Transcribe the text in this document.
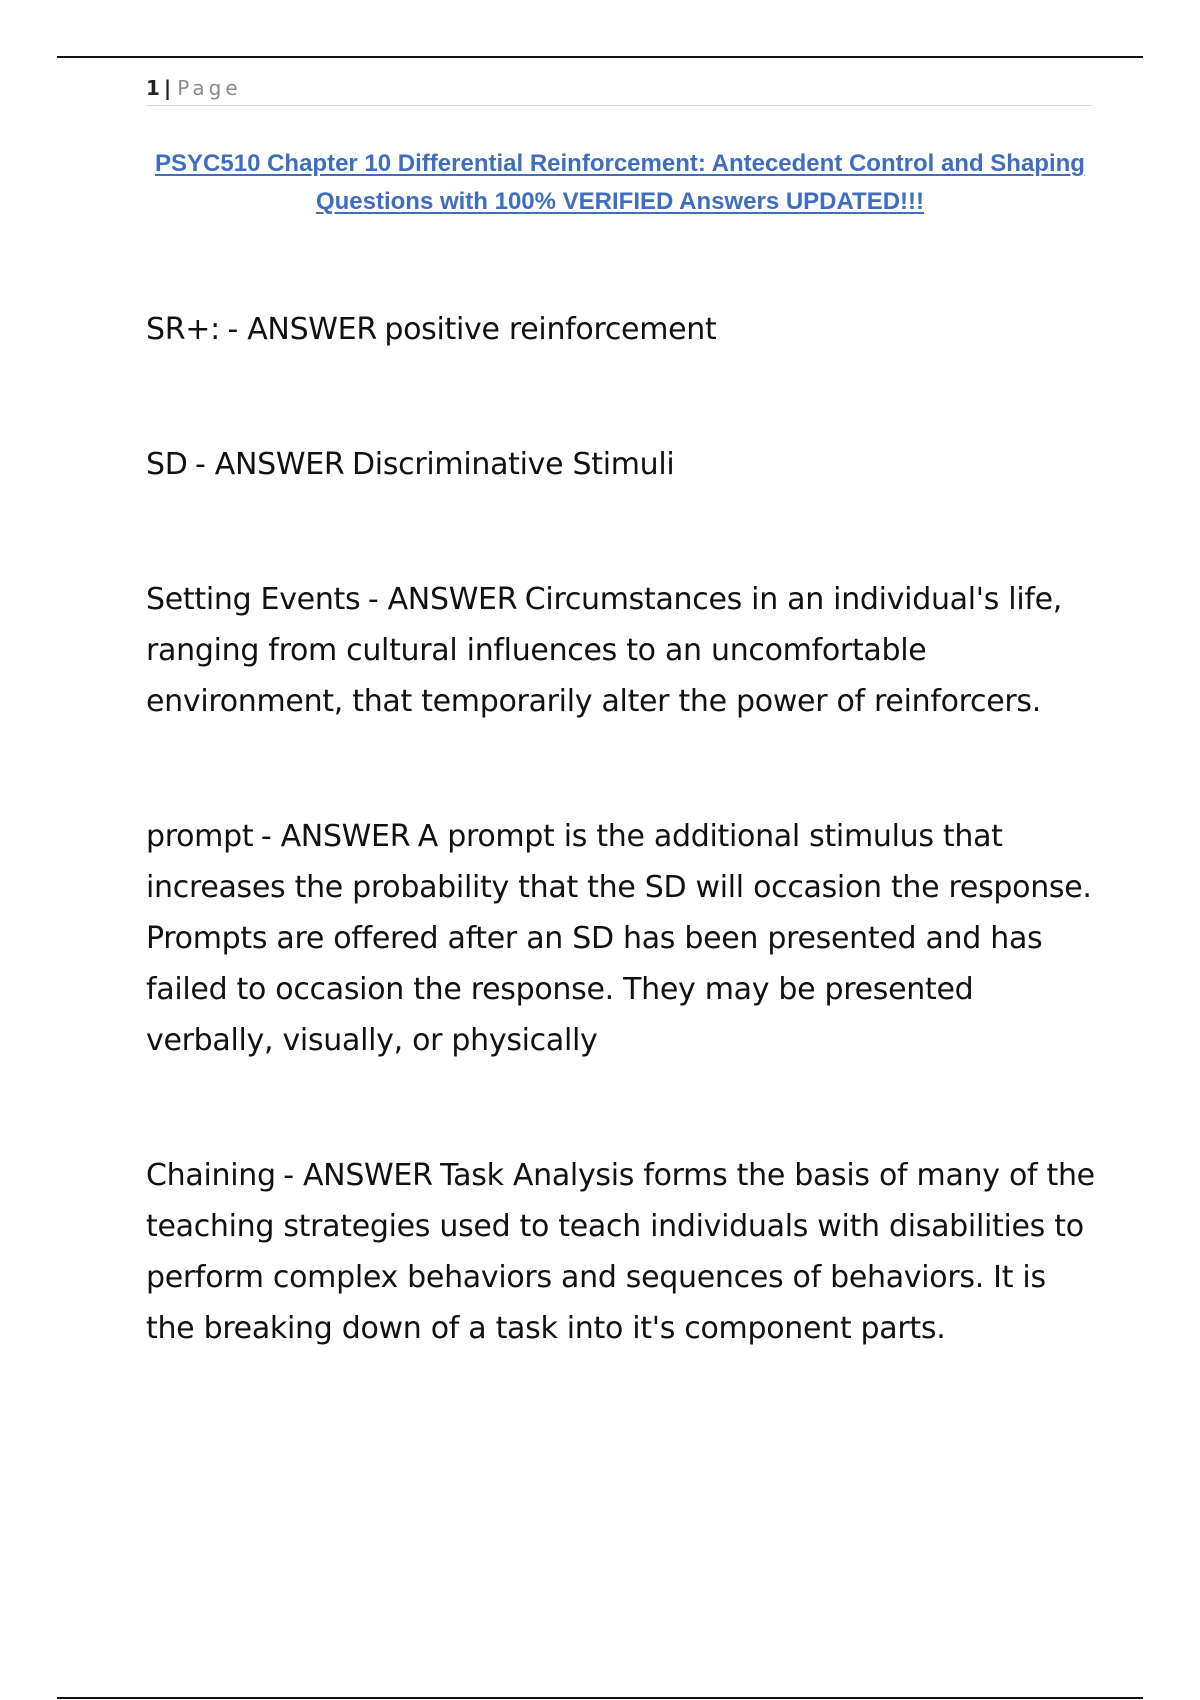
1 | Page
PSYC510 Chapter 10 Differential Reinforcement: Antecedent Control and Shaping Questions with 100% VERIFIED Answers UPDATED!!!

SR+: - ANSWER positive reinforcement

SD - ANSWER Discriminative Stimuli

Setting Events - ANSWER Circumstances in an individual's life, ranging from cultural influences to an uncomfortable environment, that temporarily alter the power of reinforcers.

prompt - ANSWER A prompt is the additional stimulus that increases the probability that the SD will occasion the response. Prompts are offered after an SD has been presented and has failed to occasion the response. They may be presented verbally, visually, or physically

Chaining - ANSWER Task Analysis forms the basis of many of the teaching strategies used to teach individuals with disabilities to perform complex behaviors and sequences of behaviors. It is the breaking down of a task into it's component parts.
